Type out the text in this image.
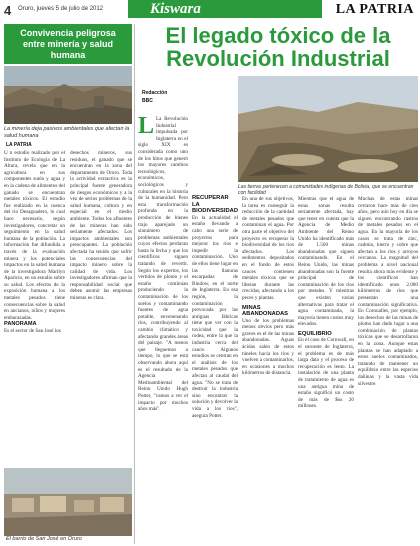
4 Oruro, jueves 5 de julio de 2012	Kiswara	LA PATRIA
Convivencia peligrosa entre minería y salud humana
La minería deja pasivos ambientales que afectan la salud humana
LA PATRIA
U n estudio realizado por el Instituto de Ecología de La Altura, revela que en la agricultura en sus componentes suelo y agua y en la cadena de alimentos del ganado se encuentran metales tóxicos. El estudio fue realizado en la cuenca del río Desaguadero, lo cual hace necesario, según investigadores, concretar un seguimiento en la salud humana de la población. La información fue difundida a través de la evaluación minera y los potenciales impactos en la salud humana de la investigadora Marilyn Aparicio, en un estudio sobre su salud. Los efectos de la exposición humana a los metales pesados tiene consecuencias sobre la salud en ancianos, niños y mujeres embarazadas.
PANORAMA
Es el sector de San José los
desechos mineros, sus residuos, el ganado que se encuentran en la zona del departamento de Oruro. Toda la actividad extractiva es la principal fuente generadora de riesgos económicos y a la vez de serios problemas de la salud humana, cultura y en especial en el medio ambiente. Todos los afluentes de las mineras han sido seriamente afectados. Los impactos ambientales son preocupantes. La población afectada ha tenido que sufrir las consecuencias del impacto minero sobre la calidad de vida. Los investigadores afirman que la responsabilidad social que deben asumir las empresas mineras es clara.
El barrio de San José en Oruro
El legado tóxico de la Revolución Industrial
Redacción
BBC
Las tierras pertenecen a comunidades indígenas de Bolivia, que se encuentran con facilidad
L La Revolución Industrial impulsada por Inglaterra en el siglo XIX es considerada como uno de los hitos que generó los mayores cambios tecnológicos, económicos, sociológicos y culturales en la historia de la humanidad. Pero esta transformación profunda en la producción de bienes trajo aparejado un sinnúmero de problemas ambientales cuyos efectos perduran hasta la fecha y que los científicos siguen tratando de revertir. Según los expertos, los vertidos de plomo y el estaño continúan produciendo la contaminación de los suelos y contaminando fuentes de agua potable, envenenando ríos, contribuyendo al cambio climático y afectando grandes áreas del paisaje. "A menos que lleguemos a tiempo, lo que se está observando ahora aquí es el resultado de la Agencia Medioambiental del Reino Unido Hugh Potter, "vamos a ver el impacto por muchos años más".
RECUPERAR LA BIODIVERSIDAD
En la actualidad el estaño llevando a cabo una serie de proyectos para mejorar los ríos e impedir la contaminación. Uno de ellos tiene lugar en las llanuras escarpadas de Bindow, en el norte de Inglaterra. En esa región, la contaminación provocada por las antiguas fábricas tiene que ver con la toxicidad que la rodea, entre la que la industria cerca del cauce. Algunos estudios se centran en el análisis de los metales pesados que afectan al caudal del agua. "No se trata de destruir la industria sino encontrar la solución y devolver la vida a los ríos", asegura Potter.
En una de sus objetivos, la tarea es conseguir la reducción de la cantidad de metales pesados que contaminan el agua. Por otra parte el objetivo del proyecto es recuperar la biodiversidad de los ríos afectados. Los sedimentos depositados en el fondo de estos cauces contienen metales tóxicos que se liberan durante las crecidas, afectando a los peces y plantas.
MINAS ABANDONADAS
Uno de los problemas menos obvios pero más graves es el de las minas abandonadas. Aguas ácidas salen de estos túneles hacia los ríos y vuelven a contaminarlos, en ocasiones a muchos kilómetros de distancia.
Mientras que el agua de estas zonas resulta seriamente afectada, hay que tener en cuenta que la Agencia de Medio Ambiente del Reino Unido ha identificado más de 1.500 minas abandonadas que siguen contaminando. En el Reino Unido, las minas abandonadas son la fuente principal de contaminación de los ríos por metales. Y mientras que existen varias alternativas para tratar el agua contaminada, la mayoría tienen costos muy elevados.
EQUILIBRIO
En el caso de Cornwall, en el suroeste de Inglaterra, el problema es de más larga data y el proceso de recuperación es lento. La instalación de una planta de tratamiento de agua es una antigua mina de estaño significó un costo de más de $us 20 millones.
Muchas de estas minas cerraron hace más de cien años, pero aún hoy en día se siguen encontrando rastros de metales pesados en el agua. En la mayoría de los casos se trata de zinc, cadmio, hierro y cobre que afectan a los ríos y arroyos cercanos. La magnitud del problema a nivel nacional resulta ahora más evidente y los científicos han identificado unos 2.000 kilómetros de ríos que presentan una contaminación significativa. En Cornualles, por ejemplo, los desechos de las minas de plomo han dado lugar a una combinación de plantas tóxicas que se desarrollaron en la zona. Aunque estas plantas se han adaptado a estos suelos contaminados, tratando de mantener un equilibrio entre las especies dañinas y la vasta vida silvestre.
